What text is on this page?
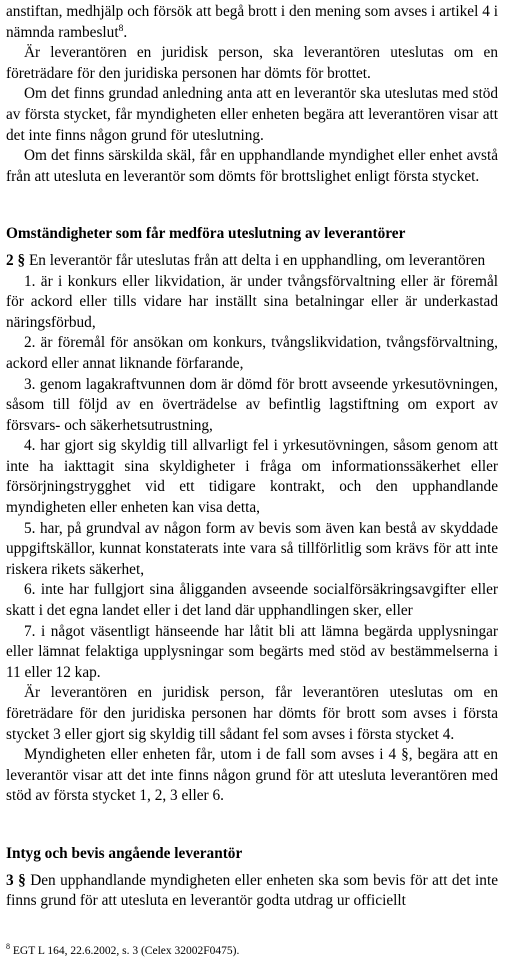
anstiftan, medhjälp och försök att begå brott i den mening som avses i artikel 4 i nämnda rambeslut$^8$.

Är leverantören en juridisk person, ska leverantören uteslutas om en företrädare för den juridiska personen har dömts för brottet.

Om det finns grundad anledning anta att en leverantör ska uteslutas med stöd av första stycket, får myndigheten eller enheten begära att leverantören visar att det inte finns någon grund för uteslutning.

Om det finns särskilda skäl, får en upphandlande myndighet eller enhet avstå från att utesluta en leverantör som dömts för brottslighet enligt första stycket.

Omständigheter som får medföra uteslutning av leverantörer

2 § En leverantör får uteslutas från att delta i en upphandling, om leverantören

1. är i konkurs eller likvidation, är under tvångsförvaltning eller är föremål för ackord eller tills vidare har inställt sina betalningar eller är underkastad näringsförbud,

2. är föremål för ansökan om konkurs, tvångslikvidation, tvångsförvaltning, ackord eller annat liknande förfarande,

3. genom lagakraftvunnen dom är dömd för brott avseende yrkesutövningen, såsom till följd av en överträdelse av befintlig lagstiftning om export av försvars- och säkerhetsutrustning,

4. har gjort sig skyldig till allvarligt fel i yrkesutövningen, såsom genom att inte ha iakttagit sina skyldigheter i fråga om informationssäkerhet eller försörjningstrygghet vid ett tidigare kontrakt, och den upphandlande myndigheten eller enheten kan visa detta,

5. har, på grundval av någon form av bevis som även kan bestå av skyddade uppgiftskällor, kunnat konstaterats inte vara så tillförlitlig som krävs för att inte riskera rikets säkerhet,

6. inte har fullgjort sina åligganden avseende socialförsäkringsavgifter eller skatt i det egna landet eller i det land där upphandlingen sker, eller

7. i något väsentligt hänseende har låtit bli att lämna begärda upplysningar eller lämnat felaktiga upplysningar som begärts med stöd av bestämmelserna i 11 eller 12 kap.

Är leverantören en juridisk person, får leverantören uteslutas om en företrädare för den juridiska personen har dömts för brott som avses i första stycket 3 eller gjort sig skyldig till sådant fel som avses i första stycket 4.

Myndigheten eller enheten får, utom i de fall som avses i 4 §, begära att en leverantör visar att det inte finns någon grund för att utesluta leverantören med stöd av första stycket 1, 2, 3 eller 6.

Intyg och bevis angående leverantör

3 § Den upphandlande myndigheten eller enheten ska som bevis för att det inte finns grund för att utesluta en leverantör godta utdrag ur officiellt

$^8$ EGT L 164, 22.6.2002, s. 3 (Celex 32002F0475).
